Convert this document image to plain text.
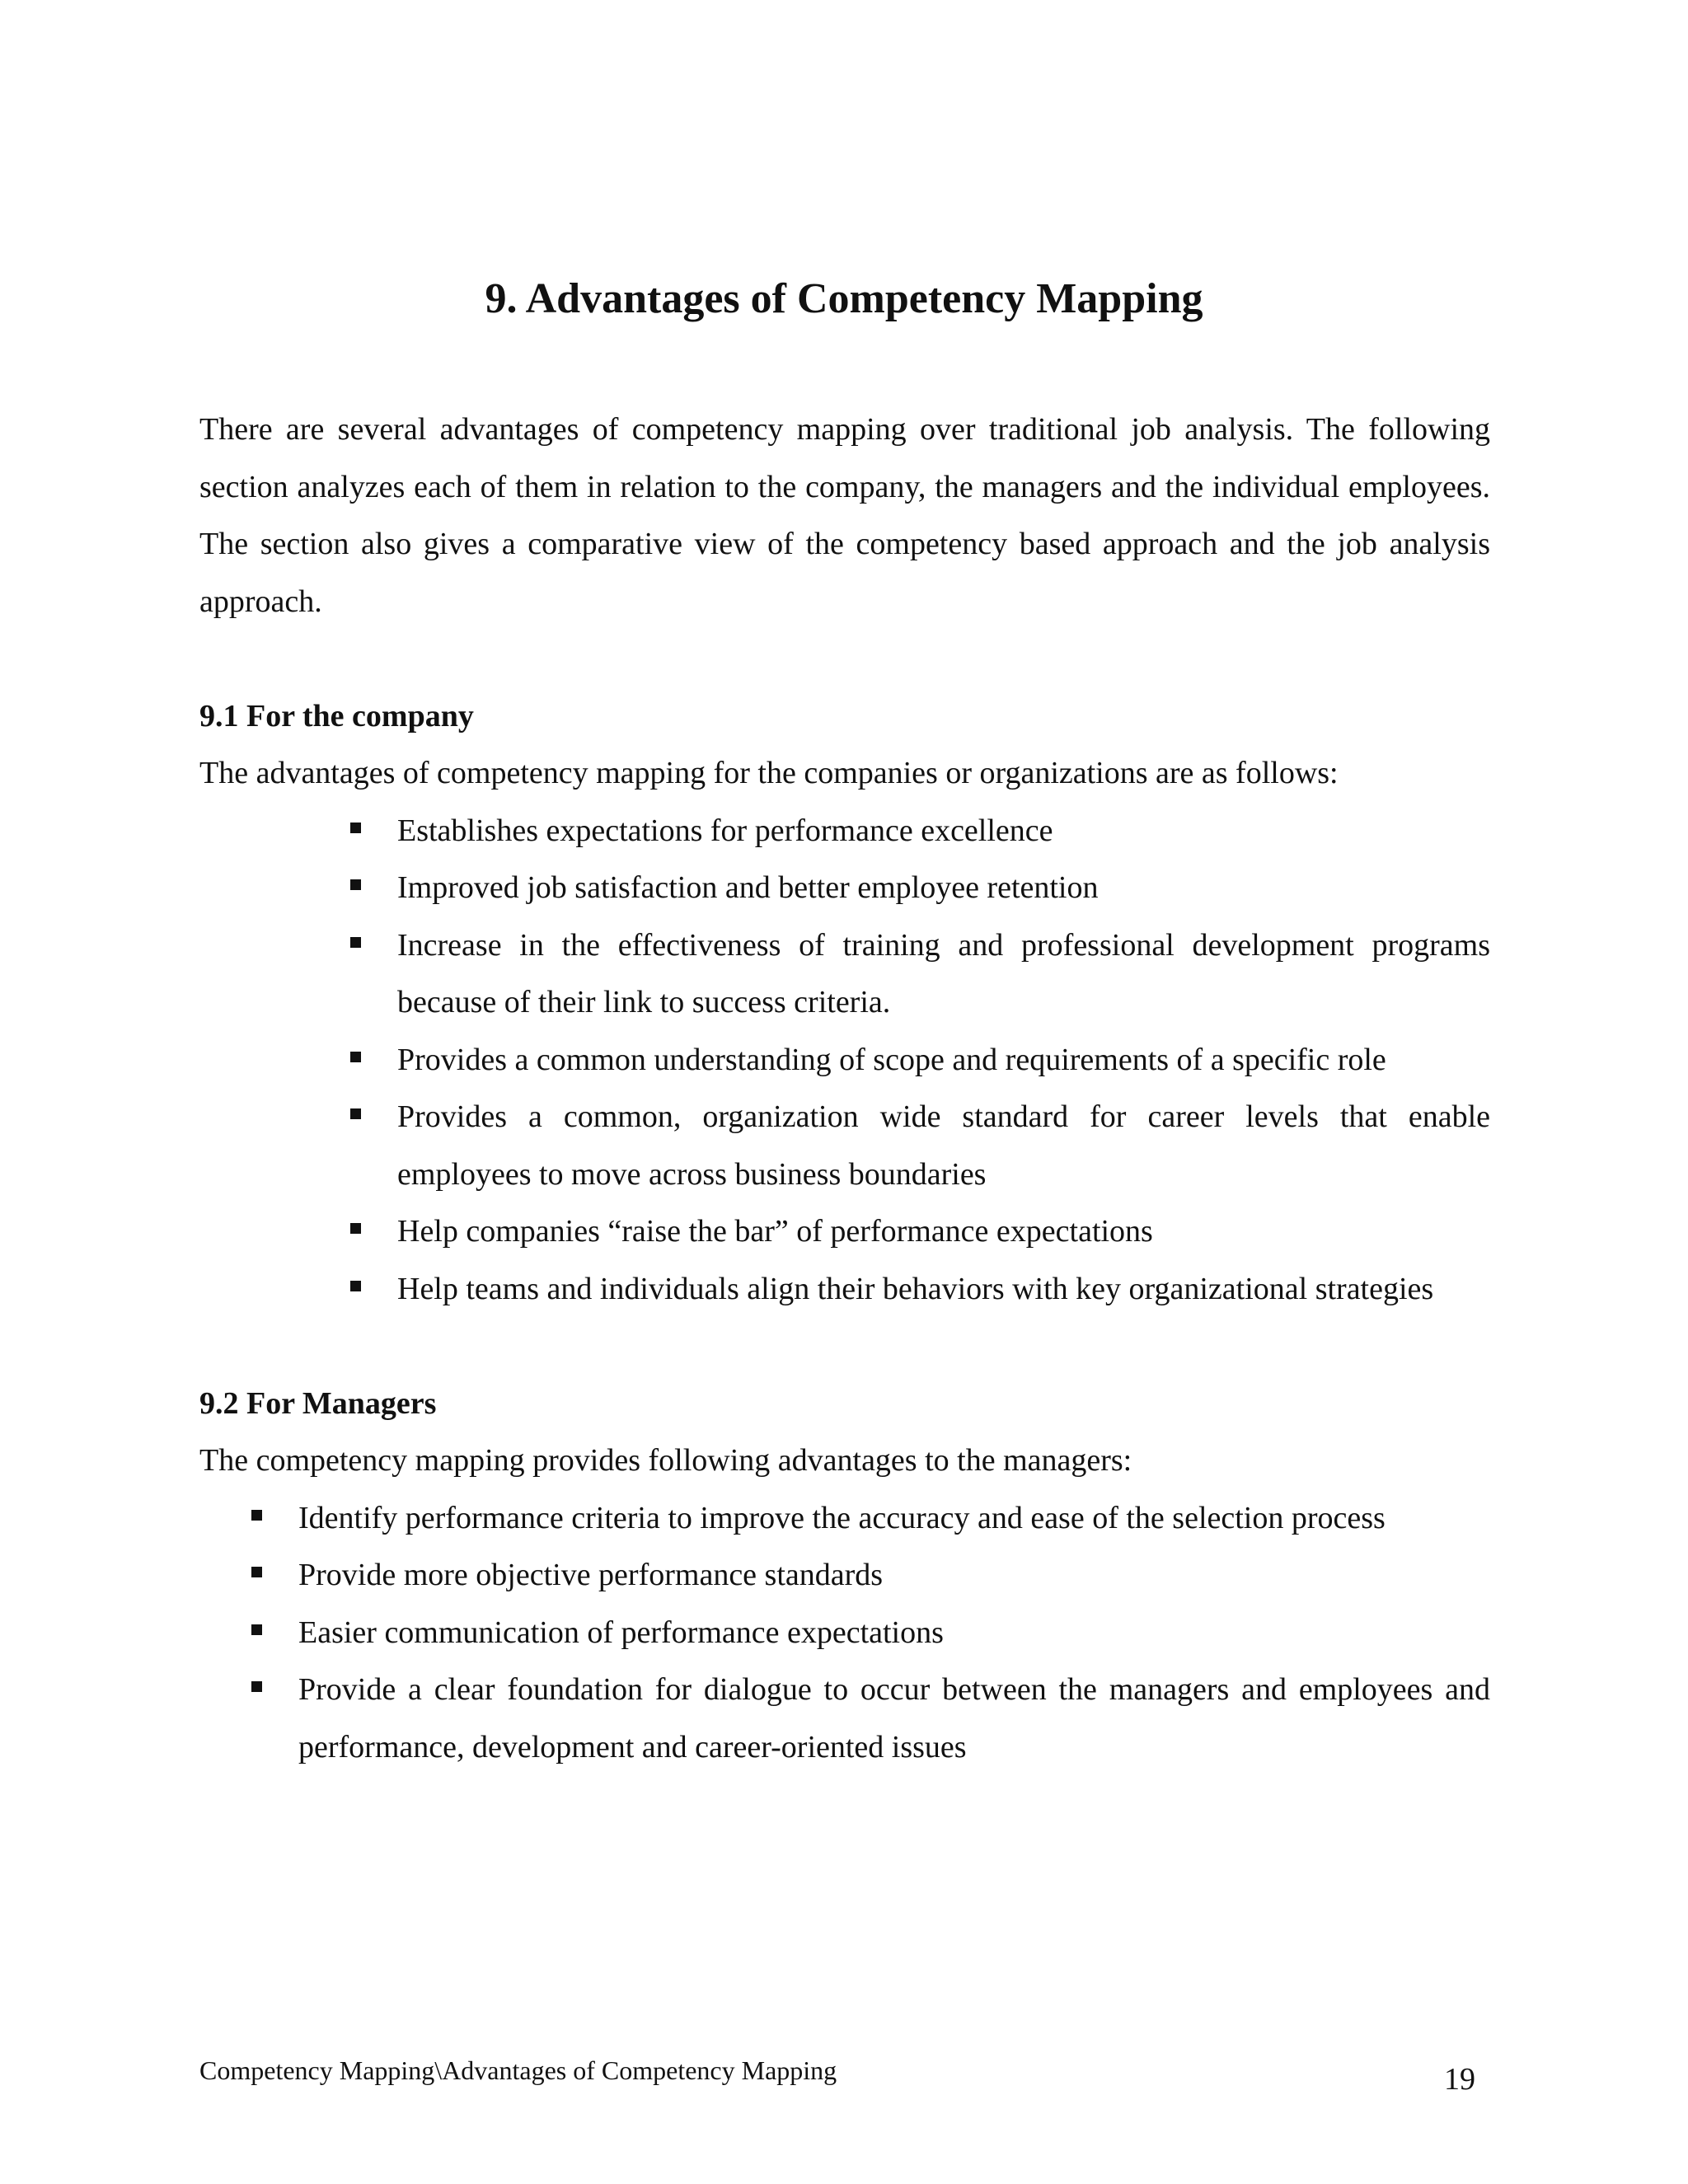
9. Advantages of Competency Mapping

There are several advantages of competency mapping over traditional job analysis. The following section analyzes each of them in relation to the company, the managers and the individual employees. The section also gives a comparative view of the competency based approach and the job analysis approach.

9.1 For the company

The advantages of competency mapping for the companies or organizations are as follows:

Establishes expectations for performance excellence
Improved job satisfaction and better employee retention
Increase in the effectiveness of training and professional development programs because of their link to success criteria.
Provides a common understanding of scope and requirements of a specific role
Provides a common, organization wide standard for career levels that enable employees to move across business boundaries
Help companies “raise the bar” of performance expectations
Help teams and individuals align their behaviors with key organizational strategies

9.2 For Managers

The competency mapping provides following advantages to the managers:

Identify performance criteria to improve the accuracy and ease of the selection process
Provide more objective performance standards
Easier communication of performance expectations
Provide a clear foundation for dialogue to occur between the managers and employees and performance, development and career-oriented issues

Competency Mapping\Advantages of Competency Mapping	19
